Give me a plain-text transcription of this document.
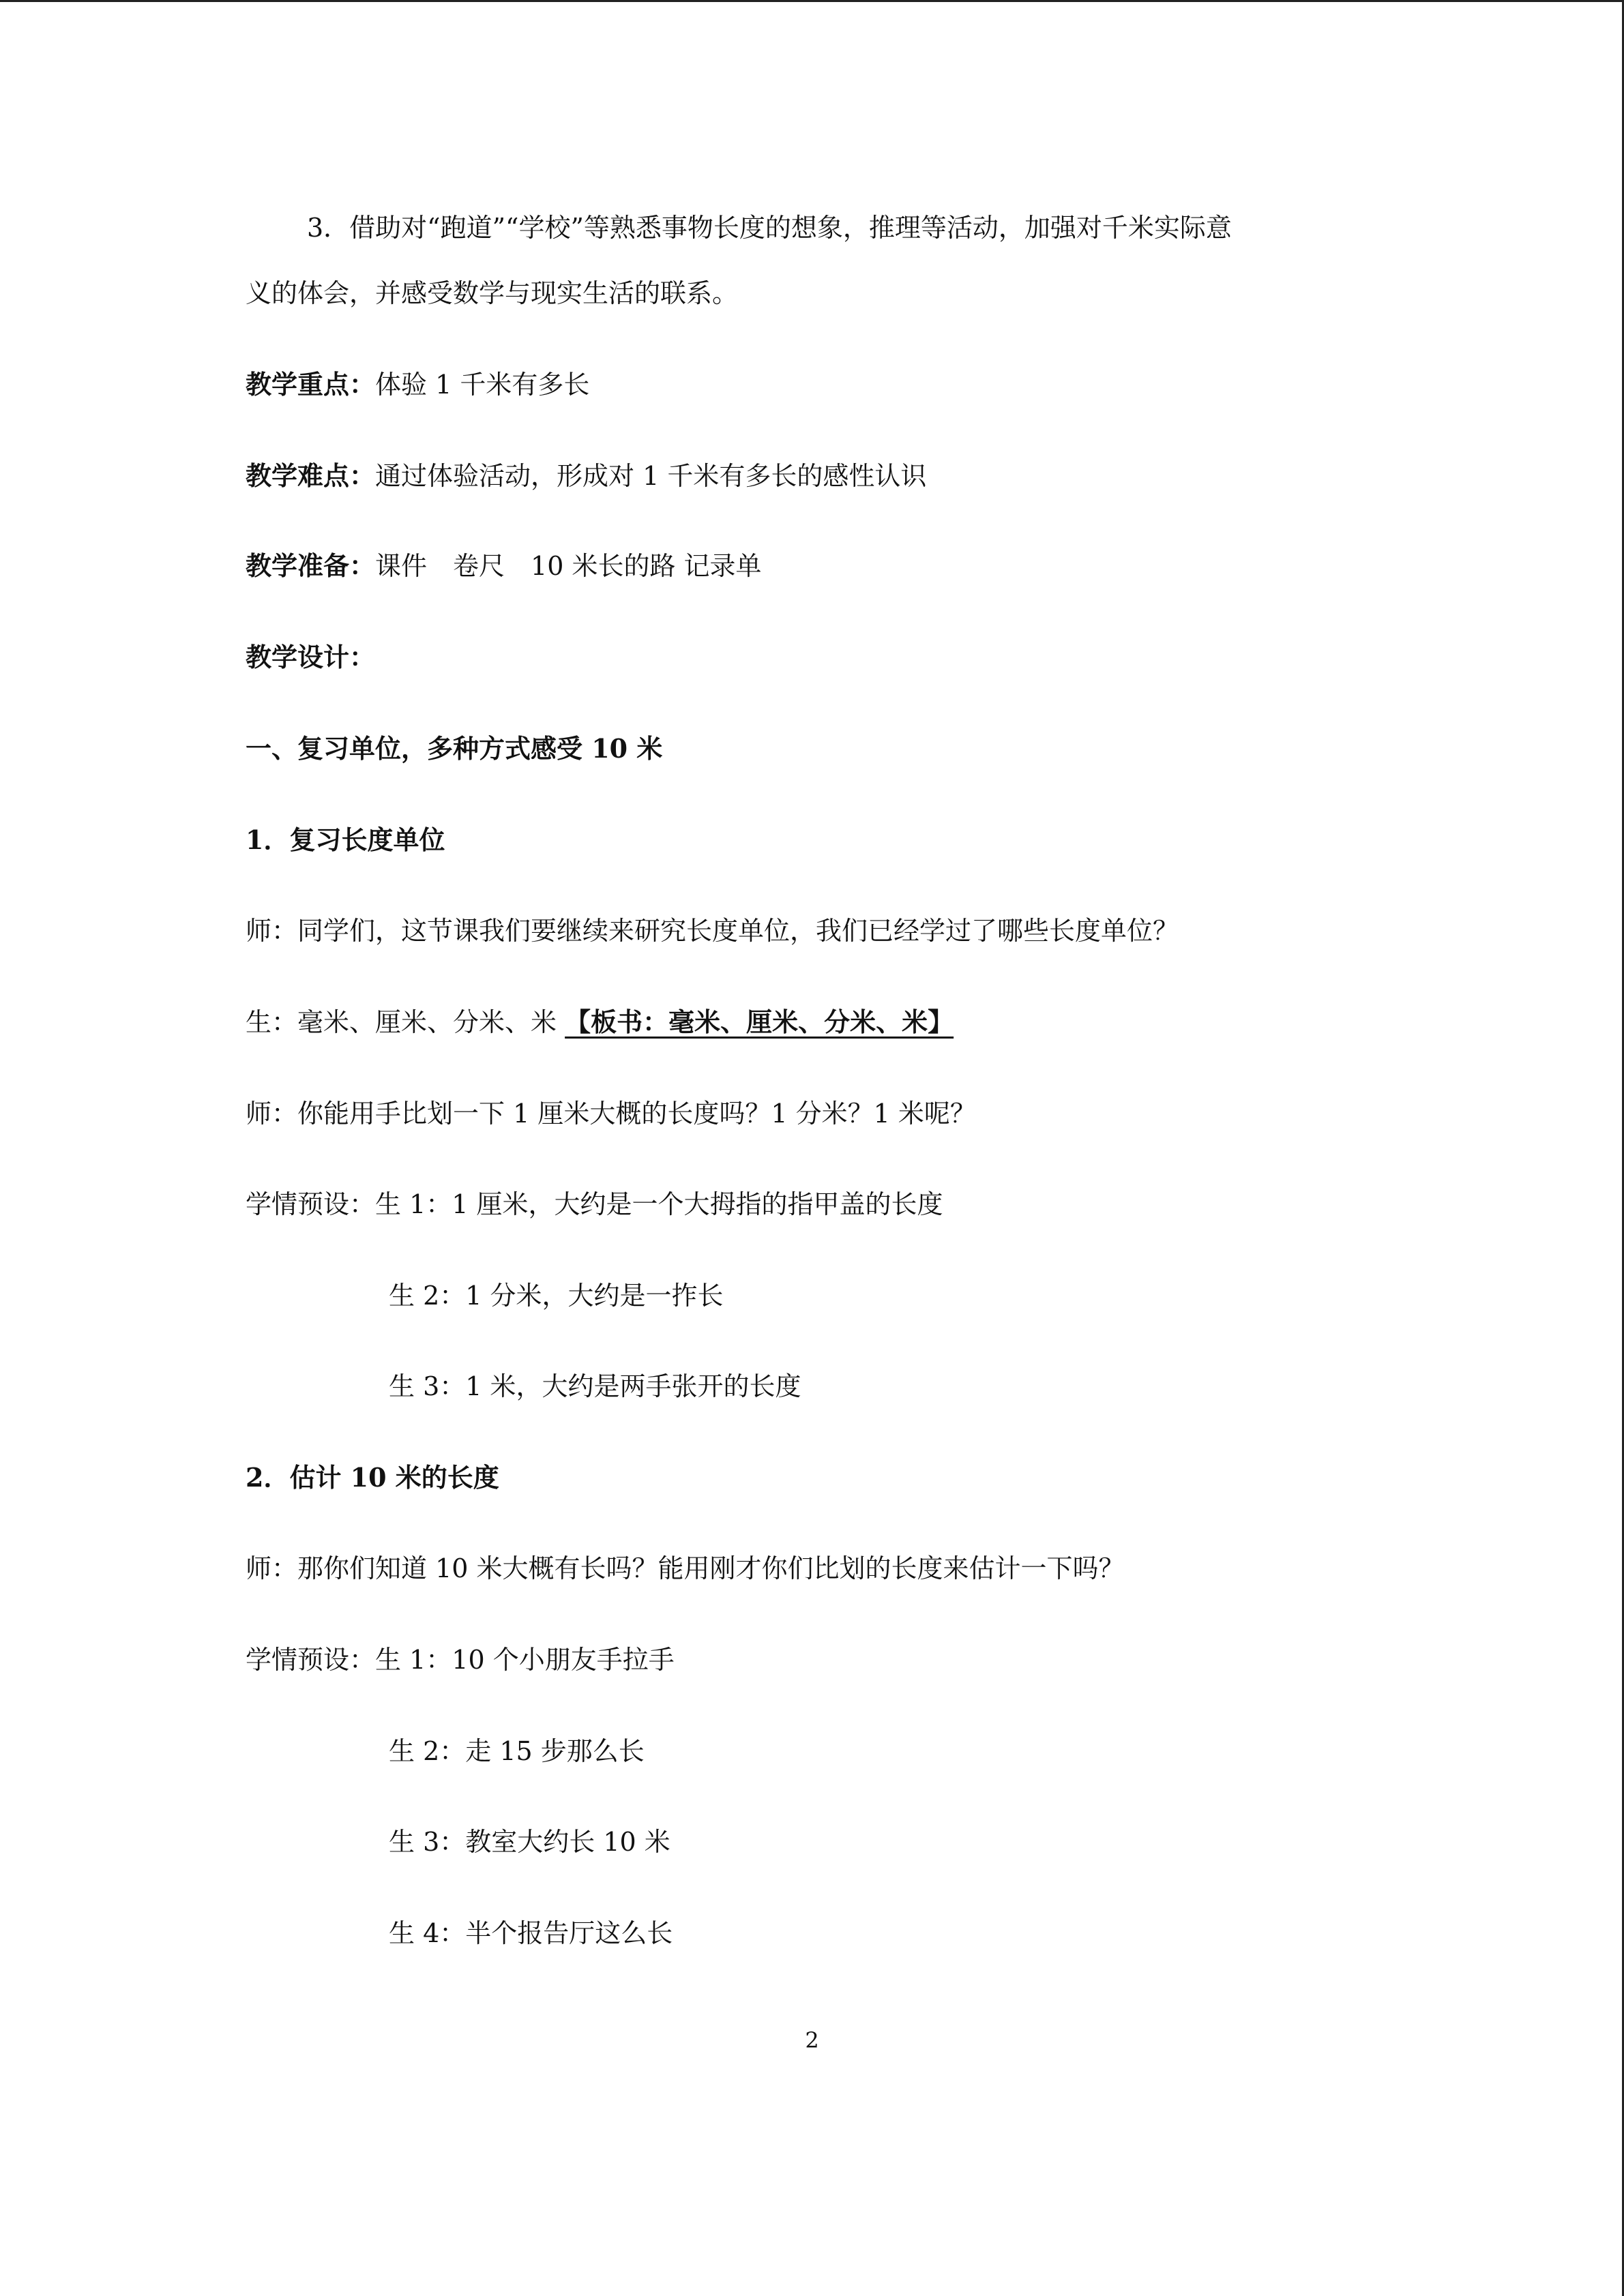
3．借助对“跑道”“学校”等熟悉事物长度的想象，推理等活动，加强对千米实际意
义的体会，并感受数学与现实生活的联系。
教学重点：体验 1 千米有多长
教学难点：通过体验活动，形成对 1 千米有多长的感性认识
教学准备：课件　卷尺　10 米长的路 记录单
教学设计：
一、复习单位，多种方式感受 10 米
1．复习长度单位
师：同学们，这节课我们要继续来研究长度单位，我们已经学过了哪些长度单位？
生：毫米、厘米、分米、米 【板书：毫米、厘米、分米、米】
师：你能用手比划一下 1 厘米大概的长度吗？1 分米？1 米呢？
学情预设：生 1：1 厘米，大约是一个大拇指的指甲盖的长度
生 2：1 分米，大约是一拃长
生 3：1 米，大约是两手张开的长度
2．估计 10 米的长度
师：那你们知道 10 米大概有长吗？能用刚才你们比划的长度来估计一下吗？
学情预设：生 1：10 个小朋友手拉手
生 2：走 15 步那么长
生 3：教室大约长 10 米
生 4：半个报告厅这么长
2
